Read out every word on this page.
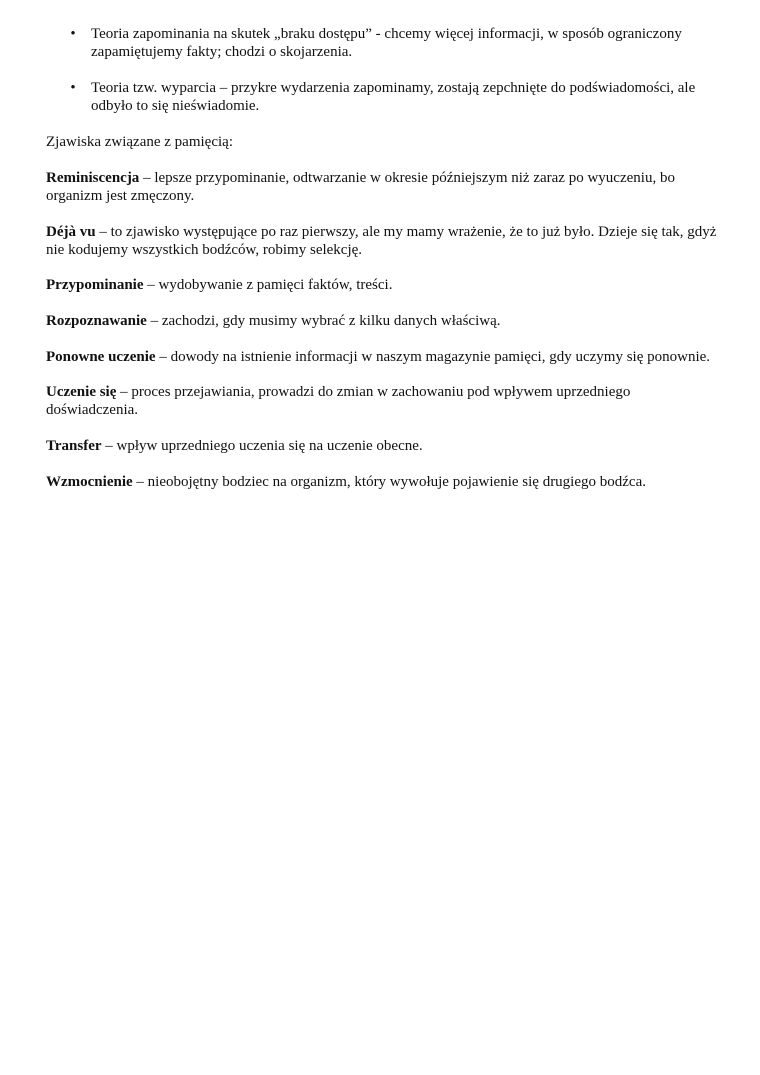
• Teoria zapominania na skutek „braku dostępu” - chcemy więcej informacji, w sposób ograniczony zapamiętujemy fakty; chodzi o skojarzenia.
• Teoria tzw. wyparcia – przykre wydarzenia zapominamy, zostają zepchnięte do podświadomości, ale odbyło to się nieświadomie.

Zjawiska związane z pamięcią:

Reminiscencja – lepsze przypominanie, odtwarzanie w okresie późniejszym niż zaraz po wyuczeniu, bo organizm jest zmęczony.

Déjà vu – to zjawisko występujące po raz pierwszy, ale my mamy wrażenie, że to już było. Dzieje się tak, gdyż nie kodujemy wszystkich bodźców, robimy selekcję.

Przypominanie – wydobywanie z pamięci faktów, treści.

Rozpoznawanie – zachodzi, gdy musimy wybrać z kilku danych właściwą.

Ponowne uczenie – dowody na istnienie informacji w naszym magazynie pamięci, gdy uczymy się ponownie.

Uczenie się – proces przejawiania, prowadzi do zmian w zachowaniu pod wpływem uprzedniego doświadczenia.

Transfer – wpływ uprzedniego uczenia się na uczenie obecne.

Wzmocnienie – nieobojętny bodziec na organizm, który wywołuje pojawienie się drugiego bodźca.
